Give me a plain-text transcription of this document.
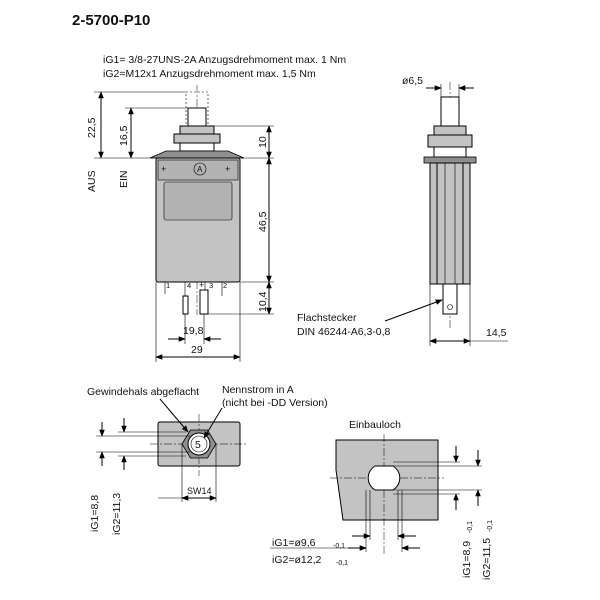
2-5700-P10
iG1= 3/8-27UNS-2A Anzugsdrehmoment max. 1 Nm
iG2=M12x1 Anzugsdrehmoment max. 1,5 Nm
+	+
A
1 4 + 3 2
22,5 16,5
AUS EIN
10
46,5
10,4
19,8
29
ø6,5
Flachstecker
DIN 46244-A6,3-0,8	14,5
5
Gewindehals abgeflacht Nennstrom in A
(nicht bei -DD Version)
SW14
iG1=8,8 iG2=11,3
Einbauloch
iG1=ø9,6	-0,1
iG2=ø12,2 -0,1	iG1=8,9
-0,1
iG2=11,5
-0,1
